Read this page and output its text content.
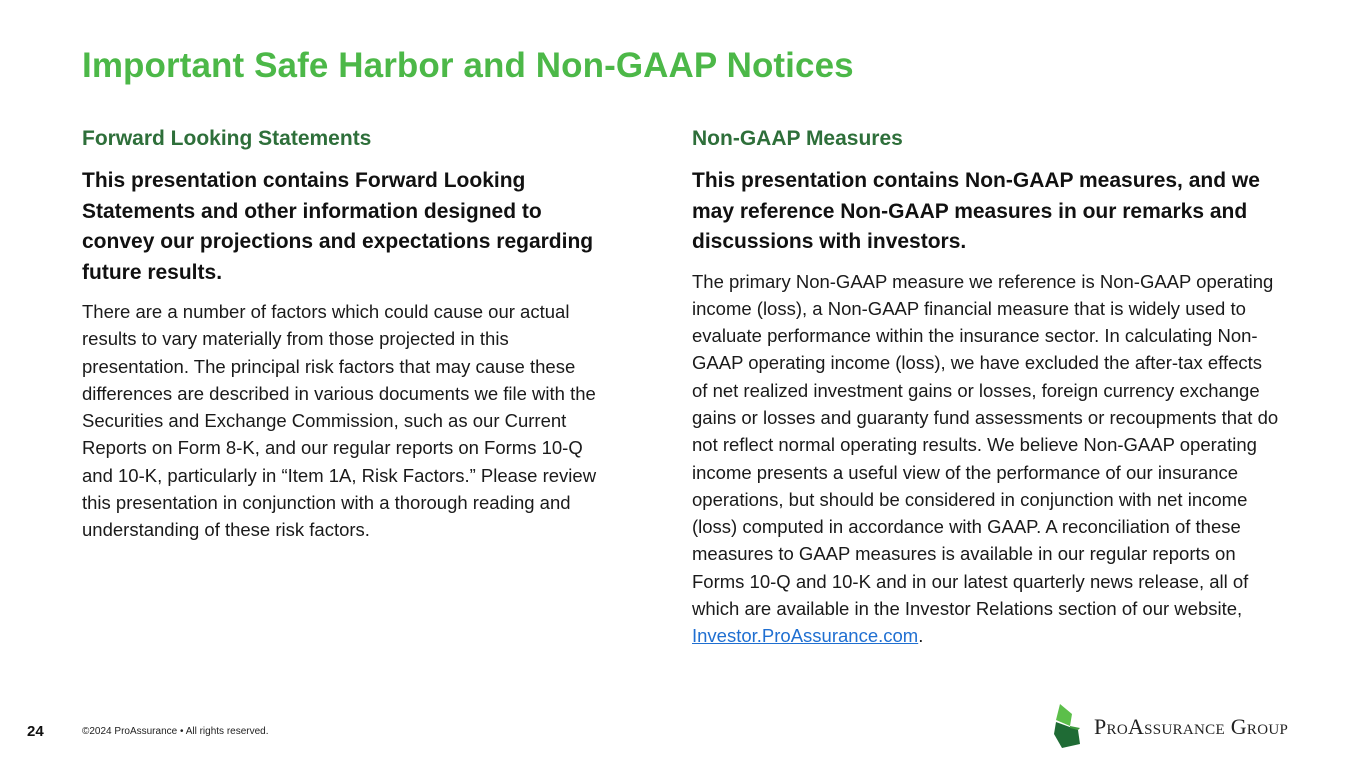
Important Safe Harbor and Non-GAAP Notices
Forward Looking Statements

This presentation contains Forward Looking Statements and other information designed to convey our projections and expectations regarding future results.

There are a number of factors which could cause our actual results to vary materially from those projected in this presentation. The principal risk factors that may cause these differences are described in various documents we file with the Securities and Exchange Commission, such as our Current Reports on Form 8-K, and our regular reports on Forms 10-Q and 10-K, particularly in “Item 1A, Risk Factors.” Please review this presentation in conjunction with a thorough reading and understanding of these risk factors.

Non-GAAP Measures

This presentation contains Non-GAAP measures, and we may reference Non-GAAP measures in our remarks and discussions with investors.

The primary Non-GAAP measure we reference is Non-GAAP operating income (loss), a Non-GAAP financial measure that is widely used to evaluate performance within the insurance sector. In calculating Non-GAAP operating income (loss), we have excluded the after-tax effects of net realized investment gains or losses, foreign currency exchange gains or losses and guaranty fund assessments or recoupments that do not reflect normal operating results. We believe Non-GAAP operating income presents a useful view of the performance of our insurance operations, but should be considered in conjunction with net income (loss) computed in accordance with GAAP. A reconciliation of these measures to GAAP measures is available in our regular reports on Forms 10-Q and 10-K and in our latest quarterly news release, all of which are available in the Investor Relations section of our website, Investor.ProAssurance.com.

24	©2024 ProAssurance • All rights reserved.	ProAssurance Group
